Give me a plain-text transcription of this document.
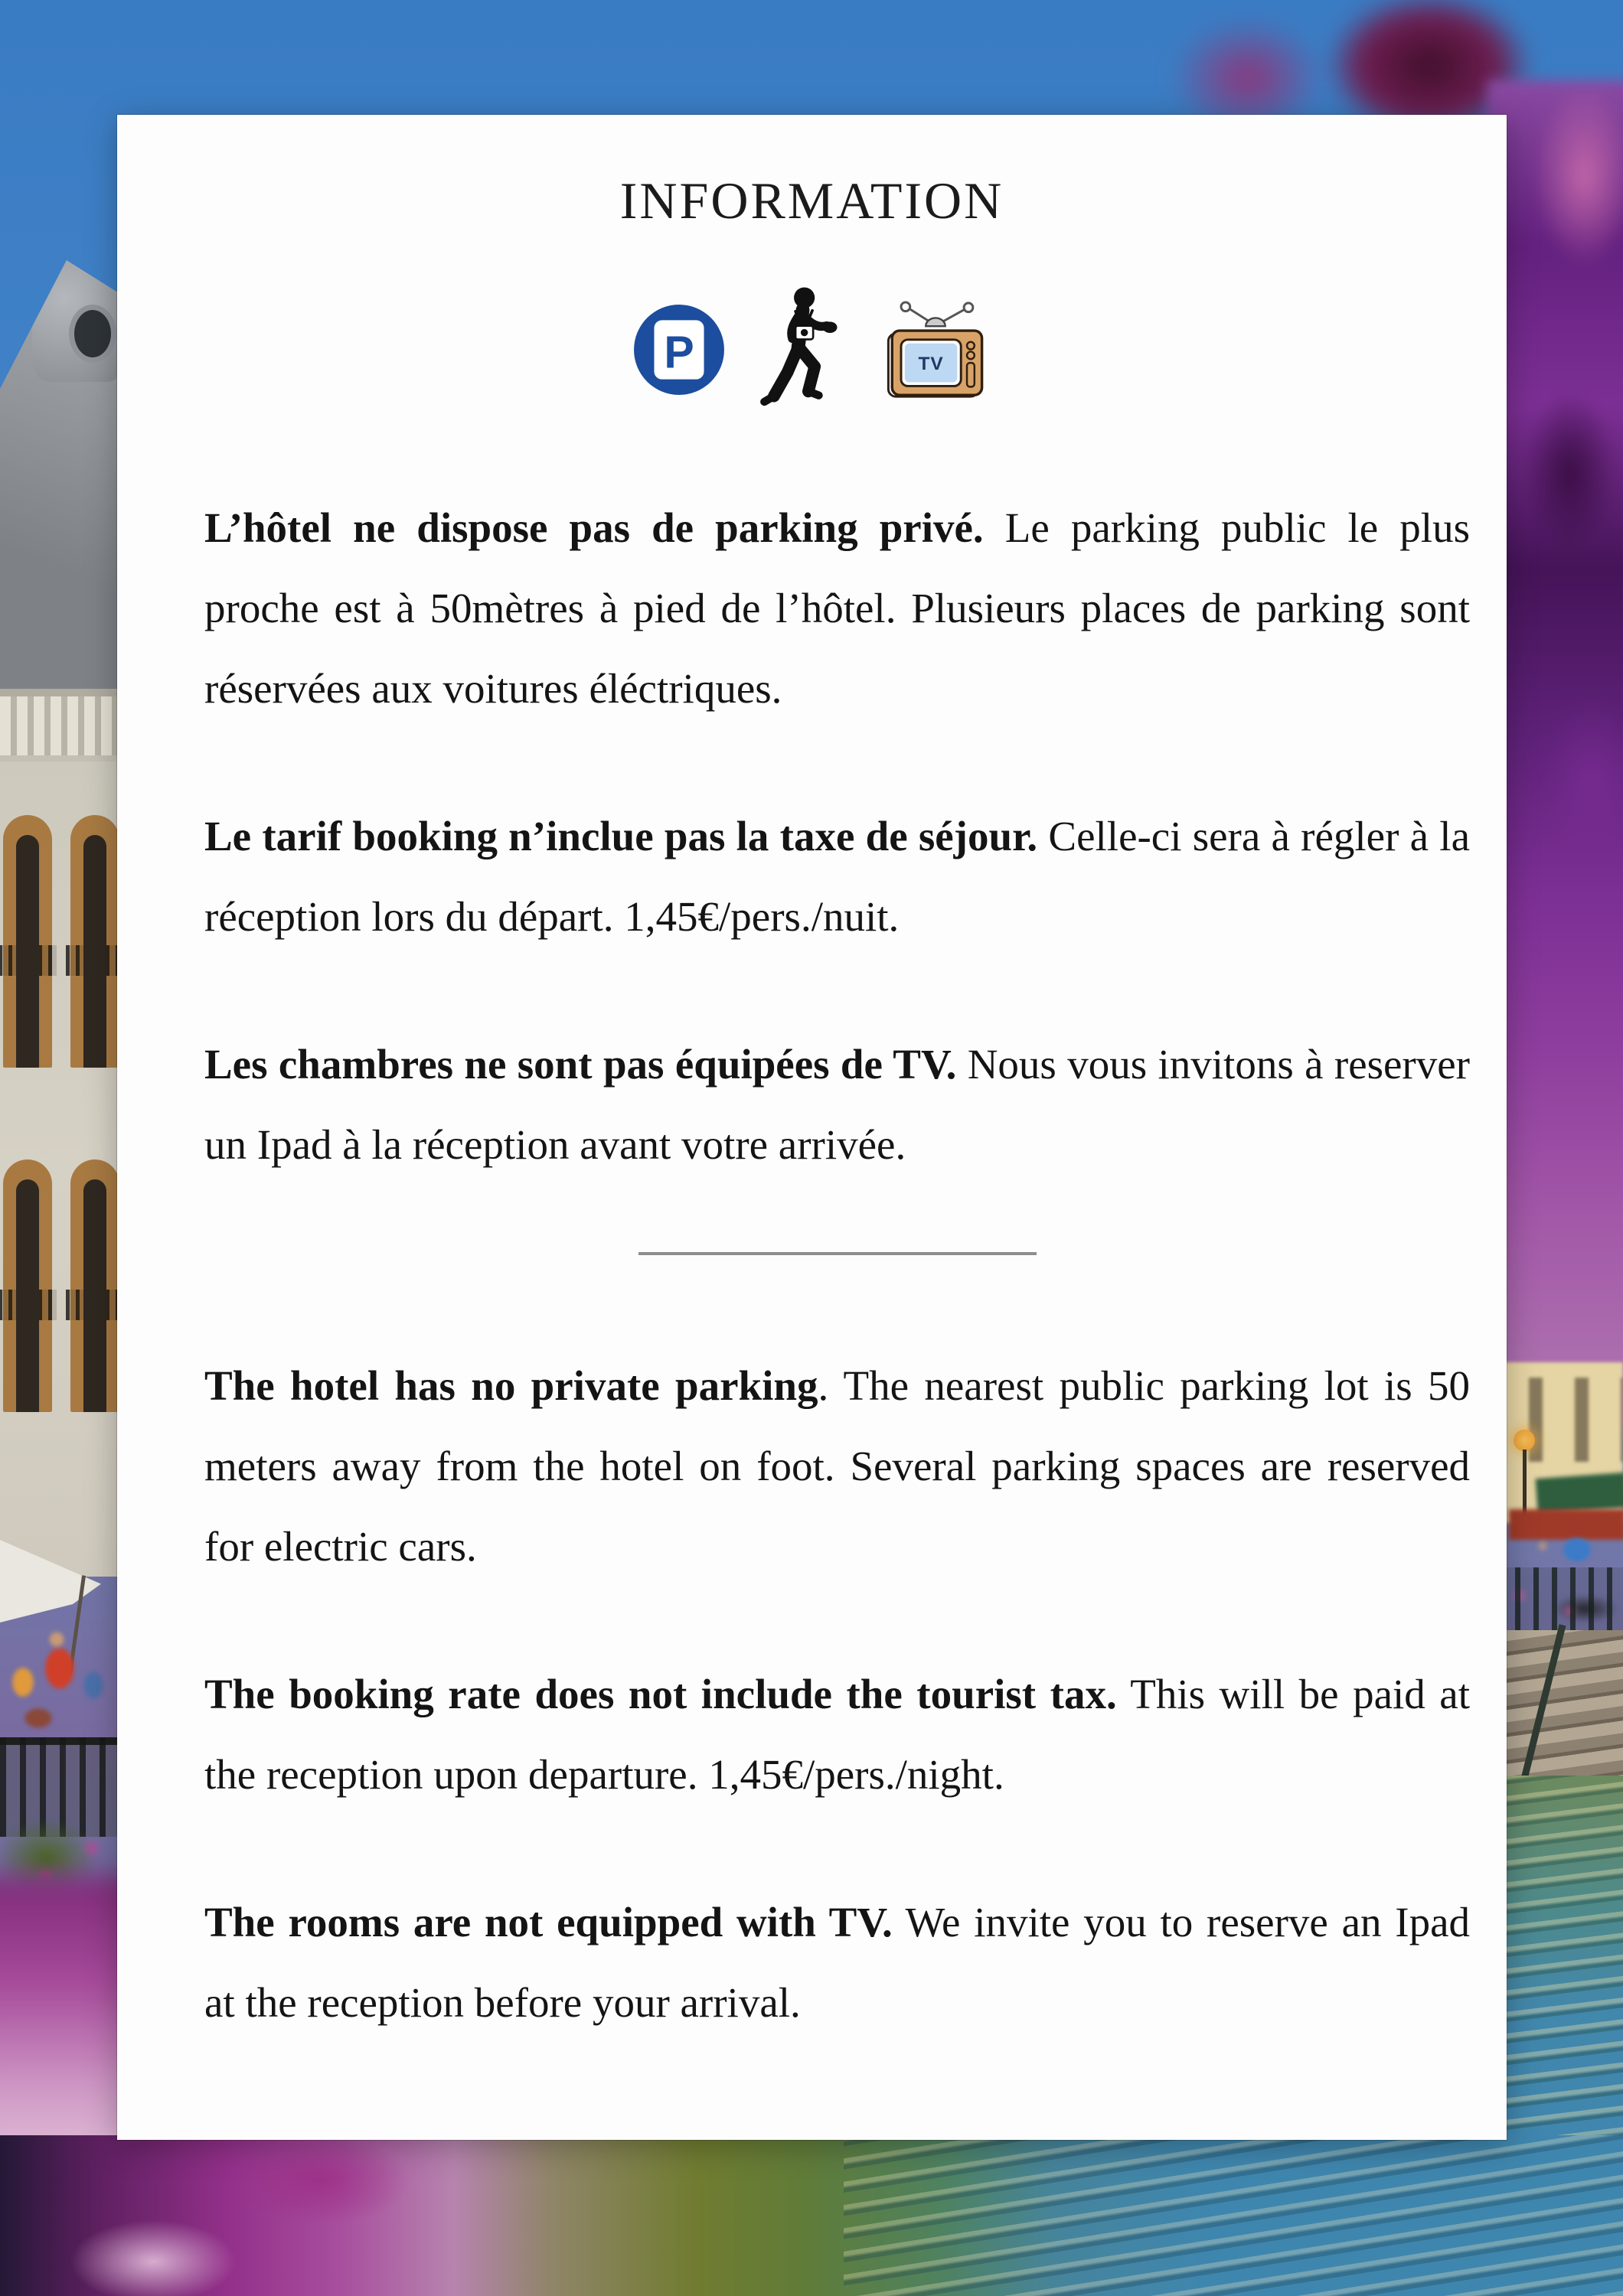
INFORMATION
P	TV

L’hôtel ne dispose pas de parking privé. Le parking public le plus proche est à 50mètres à pied de l’hôtel. Plusieurs places de parking sont réservées aux voitures éléctriques.

Le tarif booking n’inclue pas la taxe de séjour. Celle-ci sera à régler à la réception lors du départ. 1,45€/pers./nuit.

Les chambres ne sont pas équipées de TV. Nous vous invitons à reserver un Ipad à la réception avant votre arrivée.

The hotel has no private parking. The nearest public parking lot is 50 meters away from the hotel on foot. Several parking spaces are reserved for electric cars.

The booking rate does not include the tourist tax. This will be paid at the reception upon departure. 1,45€/pers./night.

The rooms are not equipped with TV. We invite you to reserve an Ipad at the reception before your arrival.
